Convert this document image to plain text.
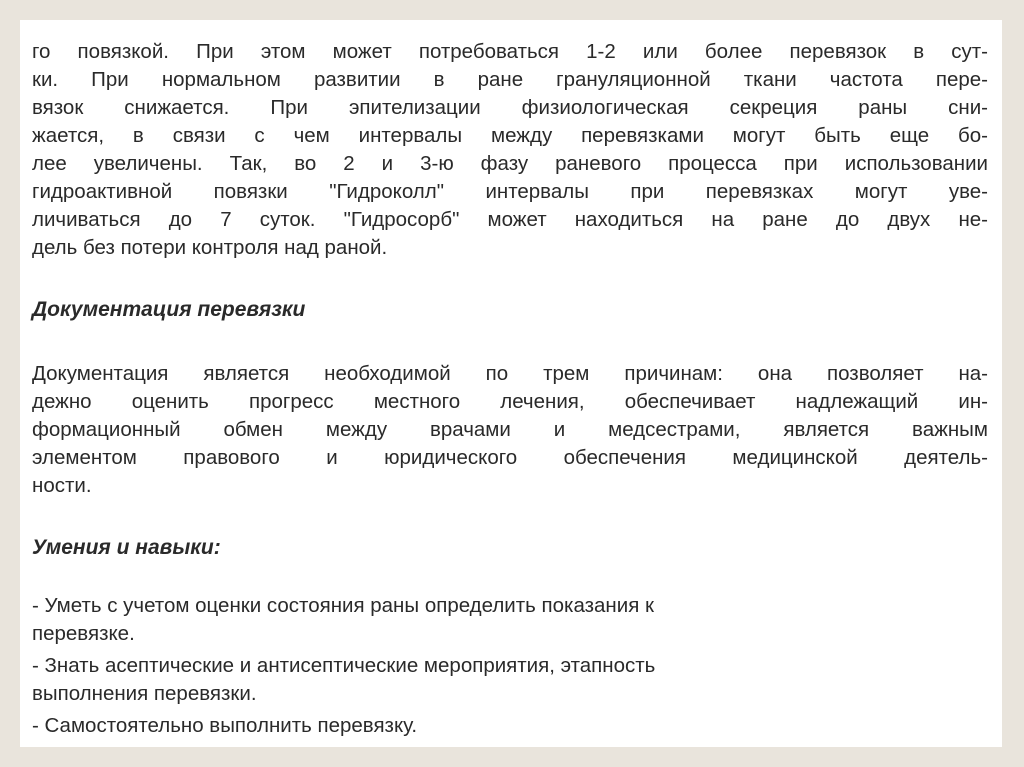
го повязкой. При этом может потребоваться 1-2 или более перевязок в сут-
ки. При нормальном развитии в ране грануляционной ткани частота пере-
вязок снижается. При эпителизации физиологическая секреция раны сни-
жается, в связи с чем интервалы между перевязками могут быть еще бо-
лее увеличены. Так, во 2 и 3-ю фазу раневого процесса при использовании
гидроактивной повязки "Гидроколл" интервалы при перевязках могут уве-
личиваться до 7 суток. "Гидросорб" может находиться на ране до двух не-
дель без потери контроля над раной.

Документация перевязки

Документация является необходимой по трем причинам: она позволяет на-
дежно оценить прогресс местного лечения, обеспечивает надлежащий ин-
формационный обмен между врачами и медсестрами, является важным
элементом правового и юридического обеспечения медицинской деятель-
ности.

Умения и навыки:
- Уметь с учетом оценки состояния раны определить показания к
перевязке.
- Знать асептические и антисептические мероприятия, этапность
выполнения перевязки.
- Самостоятельно выполнить перевязку.
